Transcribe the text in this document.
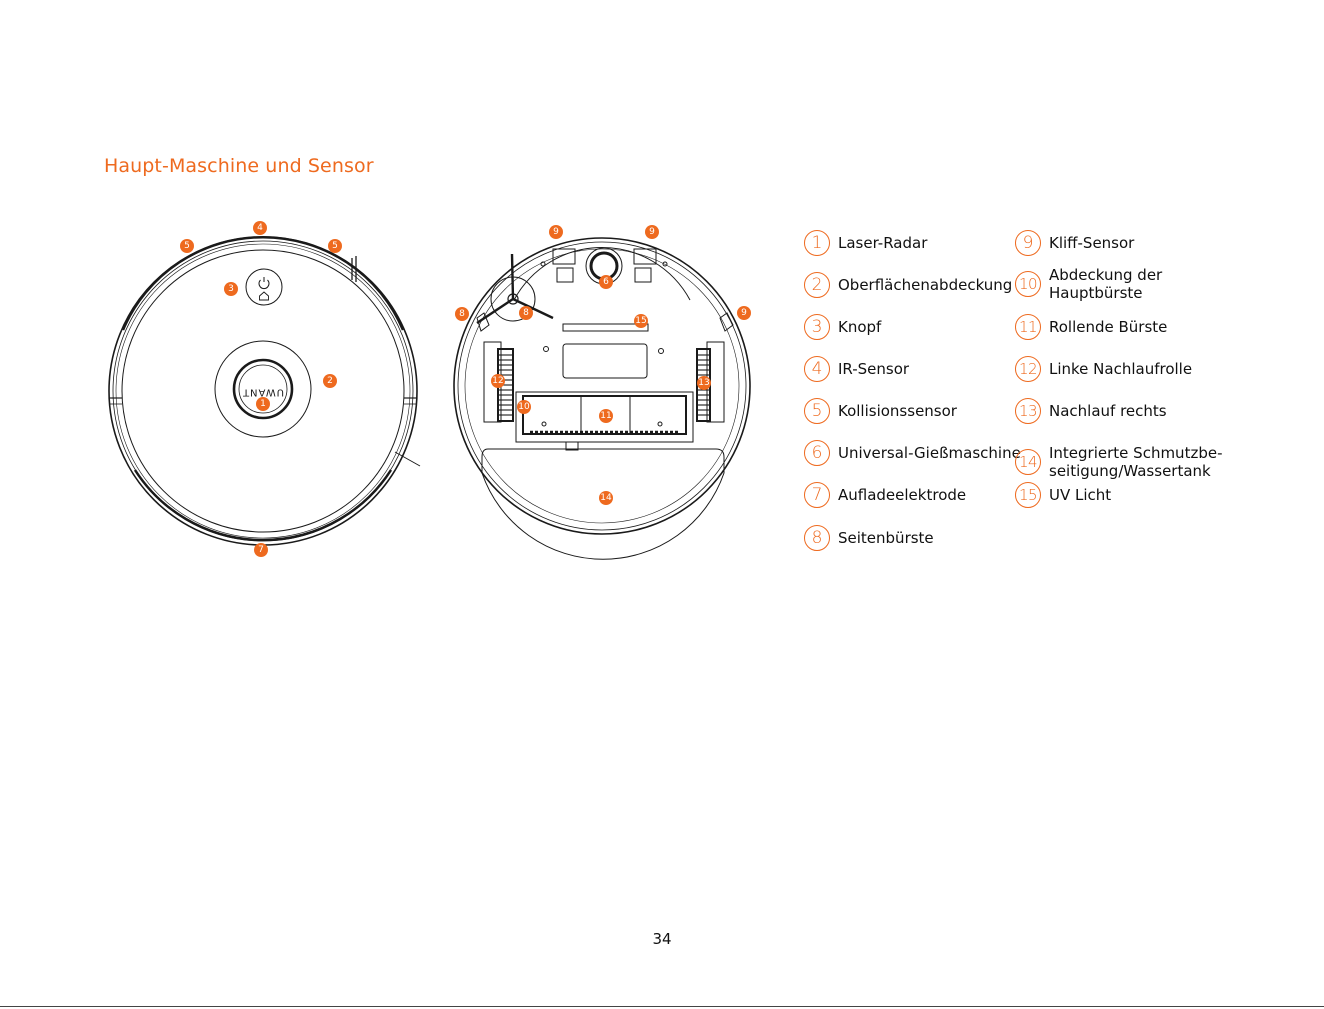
Haupt-Maschine und Sensor
UWANT
1
2
3
4
5	5
7
9	9
9
6
8	8
15
12	13
10
11
14
1	Laser-Radar
2	Oberflächenabdeckung
3	Knopf
4	IR-Sensor
5	Kollisionssensor
6	Universal-Gießmaschine
7	Aufladeelektrode
8	Seitenbürste
9	Kliff-Sensor
10 Abdeckung der
Hauptbürste
11 Rollende Bürste
12 Linke Nachlaufrolle
13 Nachlauf rechts
14 Integrierte Schmutzbe-
seitigung/Wassertank
15 UV Licht
34
